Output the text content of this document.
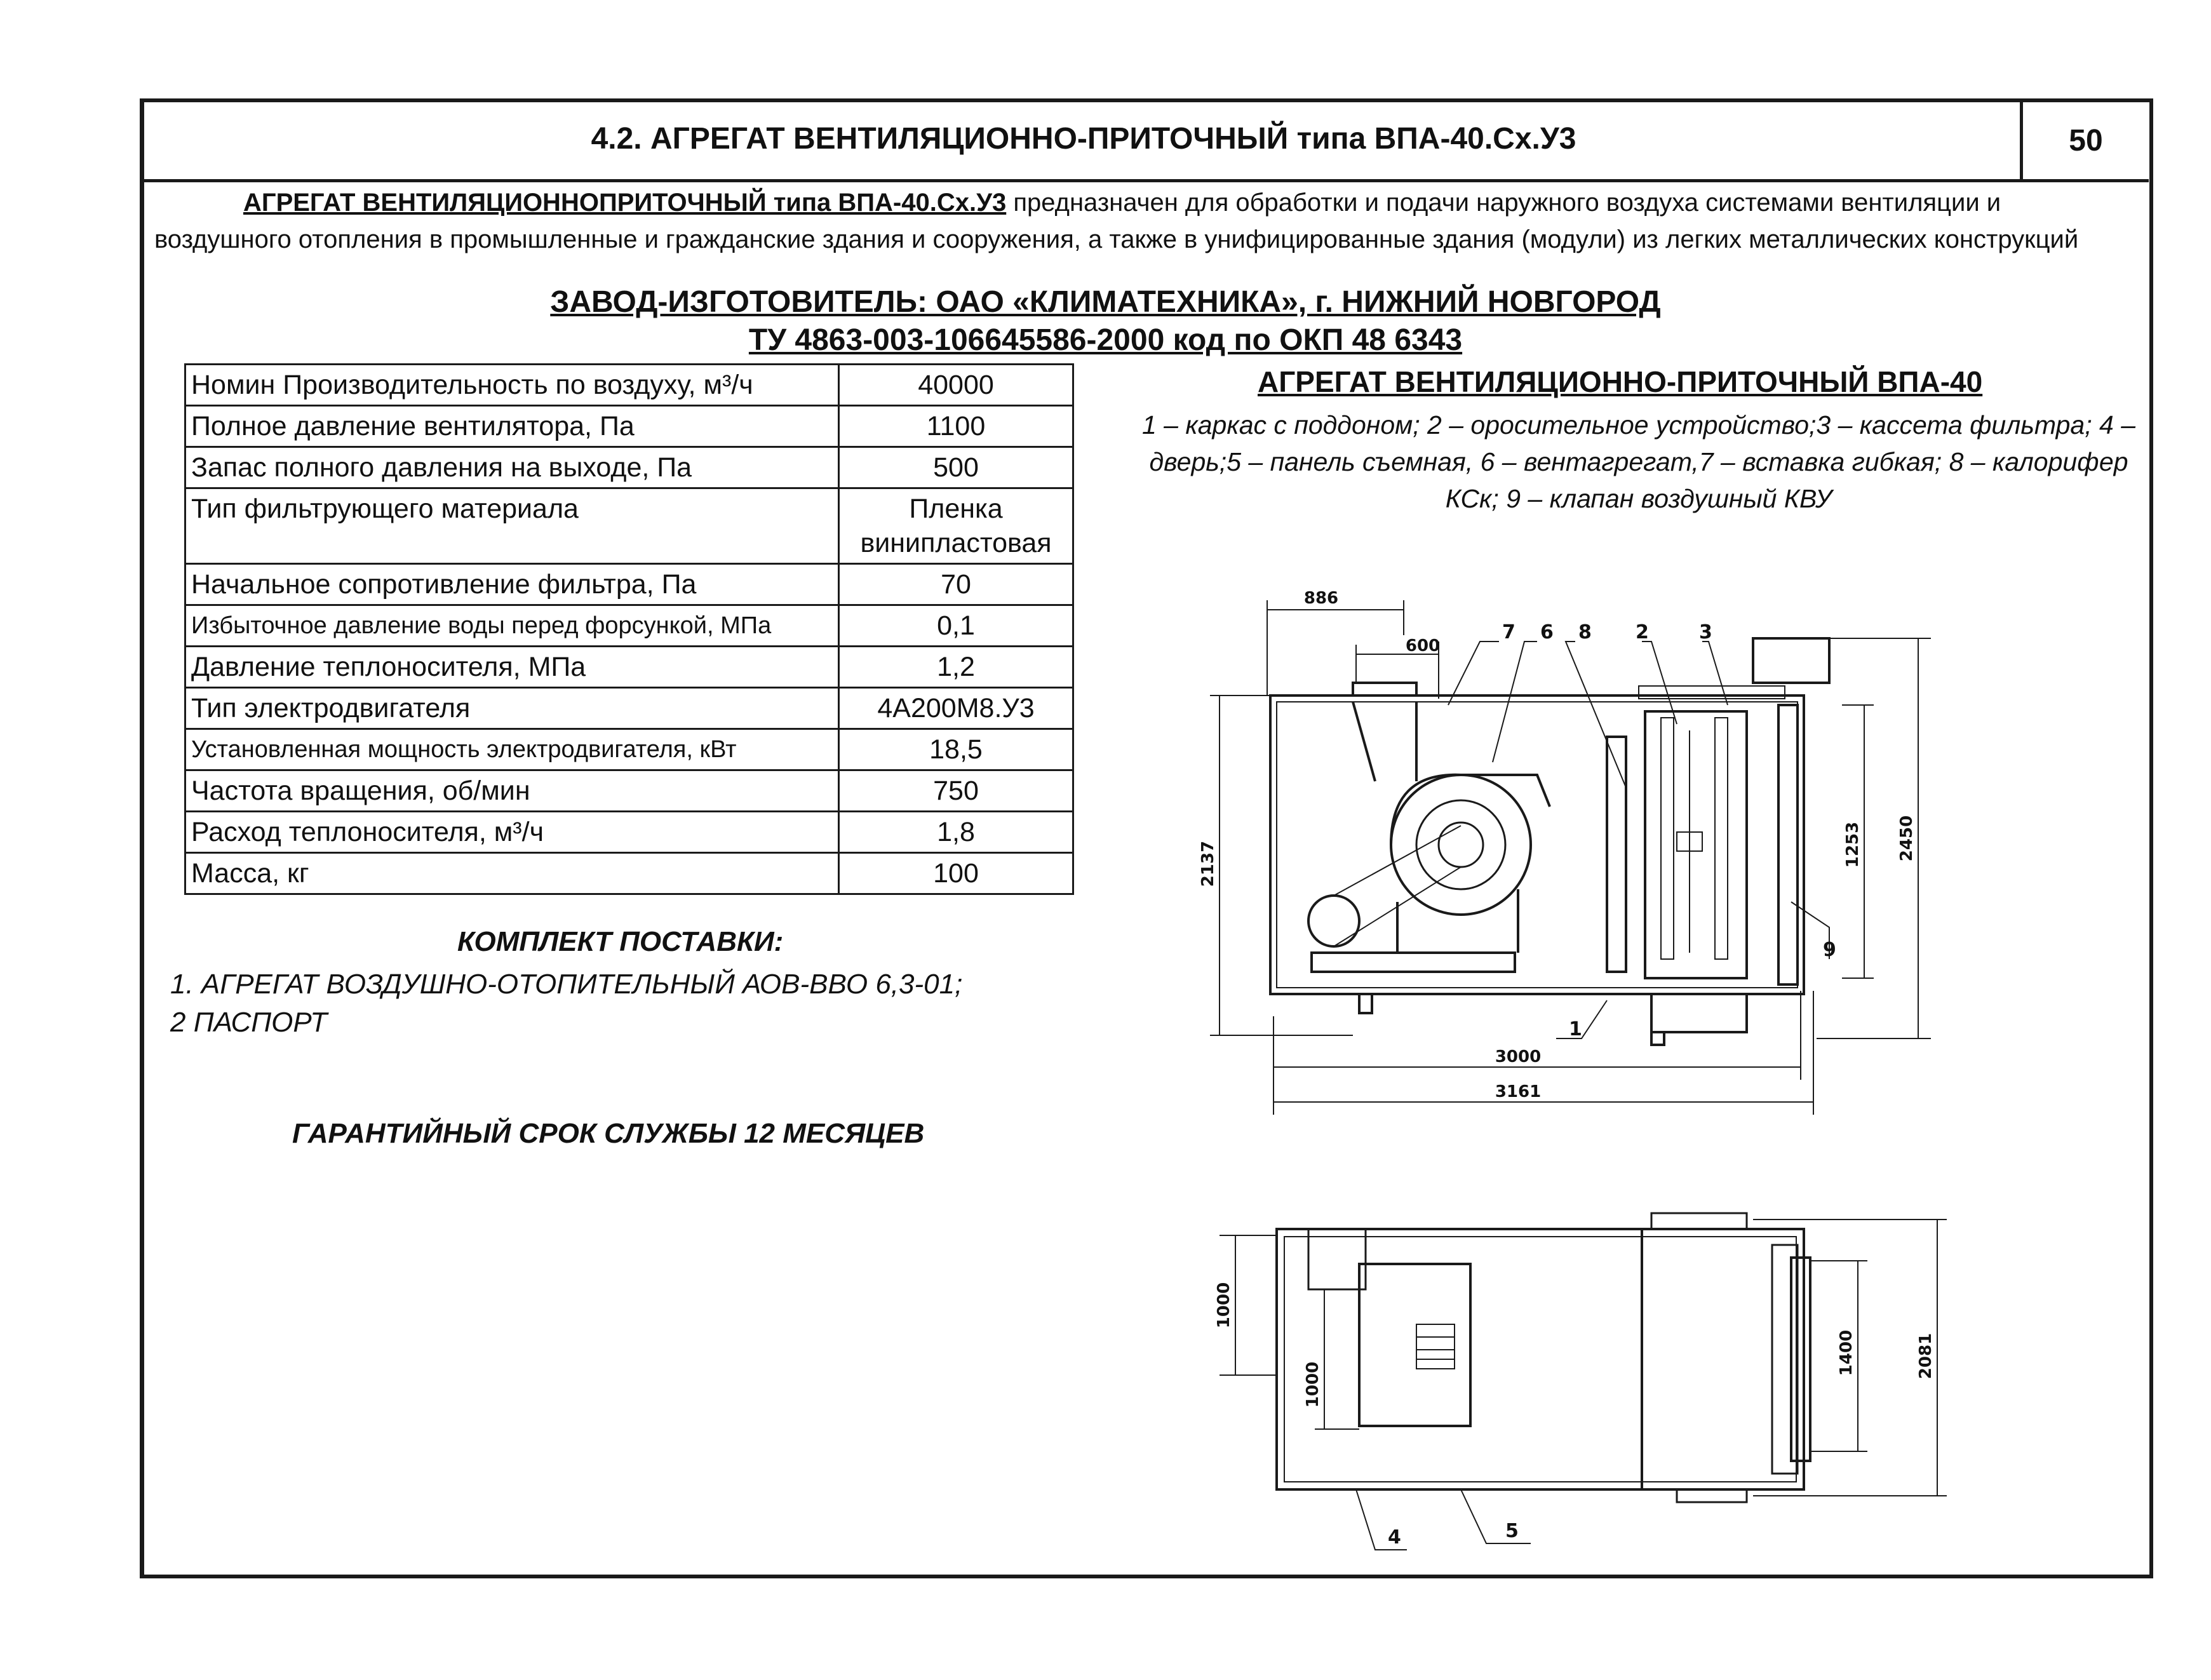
4.2. АГРЕГАТ ВЕНТИЛЯЦИОННО-ПРИТОЧНЫЙ типа ВПА-40.Сх.У3	50
АГРЕГАТ ВЕНТИЛЯЦИОННОПРИТОЧНЫЙ типа ВПА-40.Сх.У3 предназначен для обработки и подачи наружного воздуха системами вентиляции и воздушного отопления в промышленные и гражданские здания и сооружения, а также в унифицированные здания (модули) из легких металлических конструкций
ЗАВОД-ИЗГОТОВИТЕЛЬ: ОАО «КЛИМАТЕХНИКА», г. НИЖНИЙ НОВГОРОД
ТУ 4863-003-106645586-2000 код по ОКП 48 6343
Номин Производительность по воздуху, м³/ч	40000
Полное давление вентилятора, Па	1100
Запас полного давления на выходе, Па	500
Тип фильтрующего материала	Пленка винипластовая
Начальное сопротивление фильтра, Па	70
Избыточное давление воды перед форсункой, МПа	0,1
Давление теплоносителя, МПа	1,2
Тип электродвигателя	4А200М8.У3
Установленная мощность электродвигателя, кВт	18,5
Частота вращения, об/мин	750
Расход теплоносителя, м³/ч	1,8
Масса, кг	100
КОМПЛЕКТ ПОСТАВКИ:
1. АГРЕГАТ ВОЗДУШНО-ОТОПИТЕЛЬНЫЙ АОВ-ВВО 6,3-01;
2 ПАСПОРТ
ГАРАНТИЙНЫЙ СРОК СЛУЖБЫ 12 МЕСЯЦЕВ
АГРЕГАТ ВЕНТИЛЯЦИОННО-ПРИТОЧНЫЙ ВПА-40
1 – каркас с поддоном; 2 – оросительное устройство;3 – кассета фильтра; 4 – дверь;5 – панель съемная, 6 – вентагрегат,7 – вставка гибкая; 8 – калорифер КСк; 9 – клапан воздушный КВУ
886
600
2137	1253 2450
3000
3161
1000
1000
1400	2081
7 6 8 2	3
1
9
4	5
